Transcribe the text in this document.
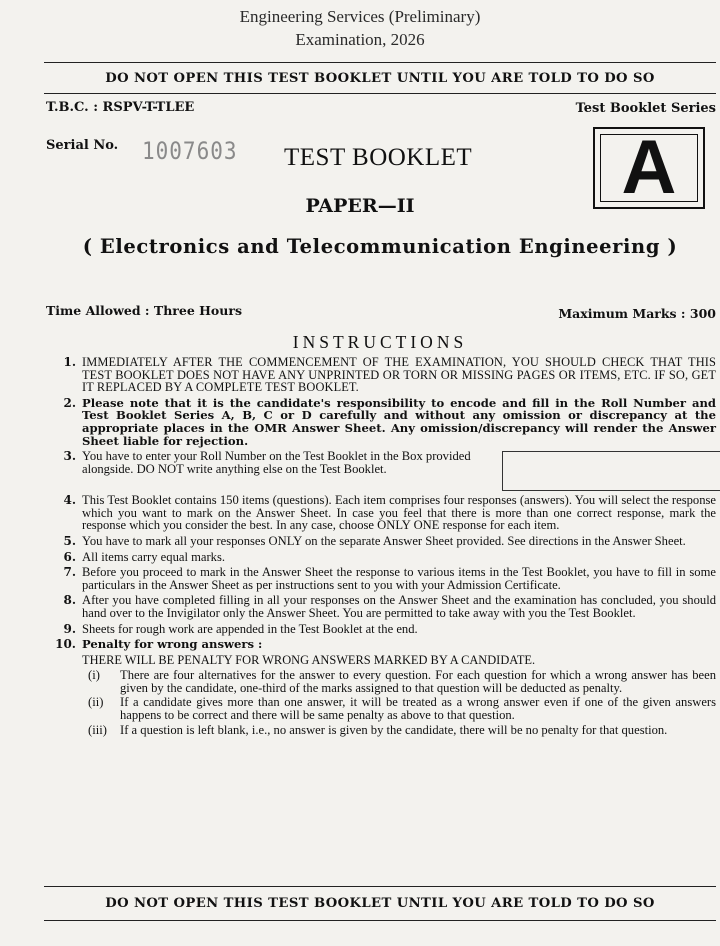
Engineering Services (Preliminary)
Examination, 2026
DO NOT OPEN THIS TEST BOOKLET UNTIL YOU ARE TOLD TO DO SO
T.B.C. : RSPV-T-TLEE	Test Booklet Series
Serial No. 1007603 TEST BOOKLET A
PAPER—II
( Electronics and Telecommunication Engineering )
Time Allowed : Three Hours	Maximum Marks : 300
INSTRUCTIONS
1. IMMEDIATELY AFTER THE COMMENCEMENT OF THE EXAMINATION, YOU SHOULD CHECK THAT THIS TEST BOOKLET DOES NOT HAVE ANY UNPRINTED OR TORN OR MISSING PAGES OR ITEMS, ETC. IF SO, GET IT REPLACED BY A COMPLETE TEST BOOKLET.
2. Please note that it is the candidate's responsibility to encode and fill in the Roll Number and Test Booklet Series A, B, C or D carefully and without any omission or discrepancy at the appropriate places in the OMR Answer Sheet. Any omission/discrepancy will render the Answer Sheet liable for rejection.
3. You have to enter your Roll Number on the Test Booklet in the Box provided alongside. DO NOT write anything else on the Test Booklet.
4. This Test Booklet contains 150 items (questions). Each item comprises four responses (answers). You will select the response which you want to mark on the Answer Sheet. In case you feel that there is more than one correct response, mark the response which you consider the best. In any case, choose ONLY ONE response for each item.
5. You have to mark all your responses ONLY on the separate Answer Sheet provided. See directions in the Answer Sheet.
6. All items carry equal marks.
7. Before you proceed to mark in the Answer Sheet the response to various items in the Test Booklet, you have to fill in some particulars in the Answer Sheet as per instructions sent to you with your Admission Certificate.
8. After you have completed filling in all your responses on the Answer Sheet and the examination has concluded, you should hand over to the Invigilator only the Answer Sheet. You are permitted to take away with you the Test Booklet.
9. Sheets for rough work are appended in the Test Booklet at the end.
10. Penalty for wrong answers :
THERE WILL BE PENALTY FOR WRONG ANSWERS MARKED BY A CANDIDATE.
(i)	There are four alternatives for the answer to every question. For each question for which a wrong answer has been given by the candidate, one-third of the marks assigned to that question will be deducted as penalty.
(ii)	If a candidate gives more than one answer, it will be treated as a wrong answer even if one of the given answers happens to be correct and there will be same penalty as above to that question.
(iii)	If a question is left blank, i.e., no answer is given by the candidate, there will be no penalty for that question.
DO NOT OPEN THIS TEST BOOKLET UNTIL YOU ARE TOLD TO DO SO
